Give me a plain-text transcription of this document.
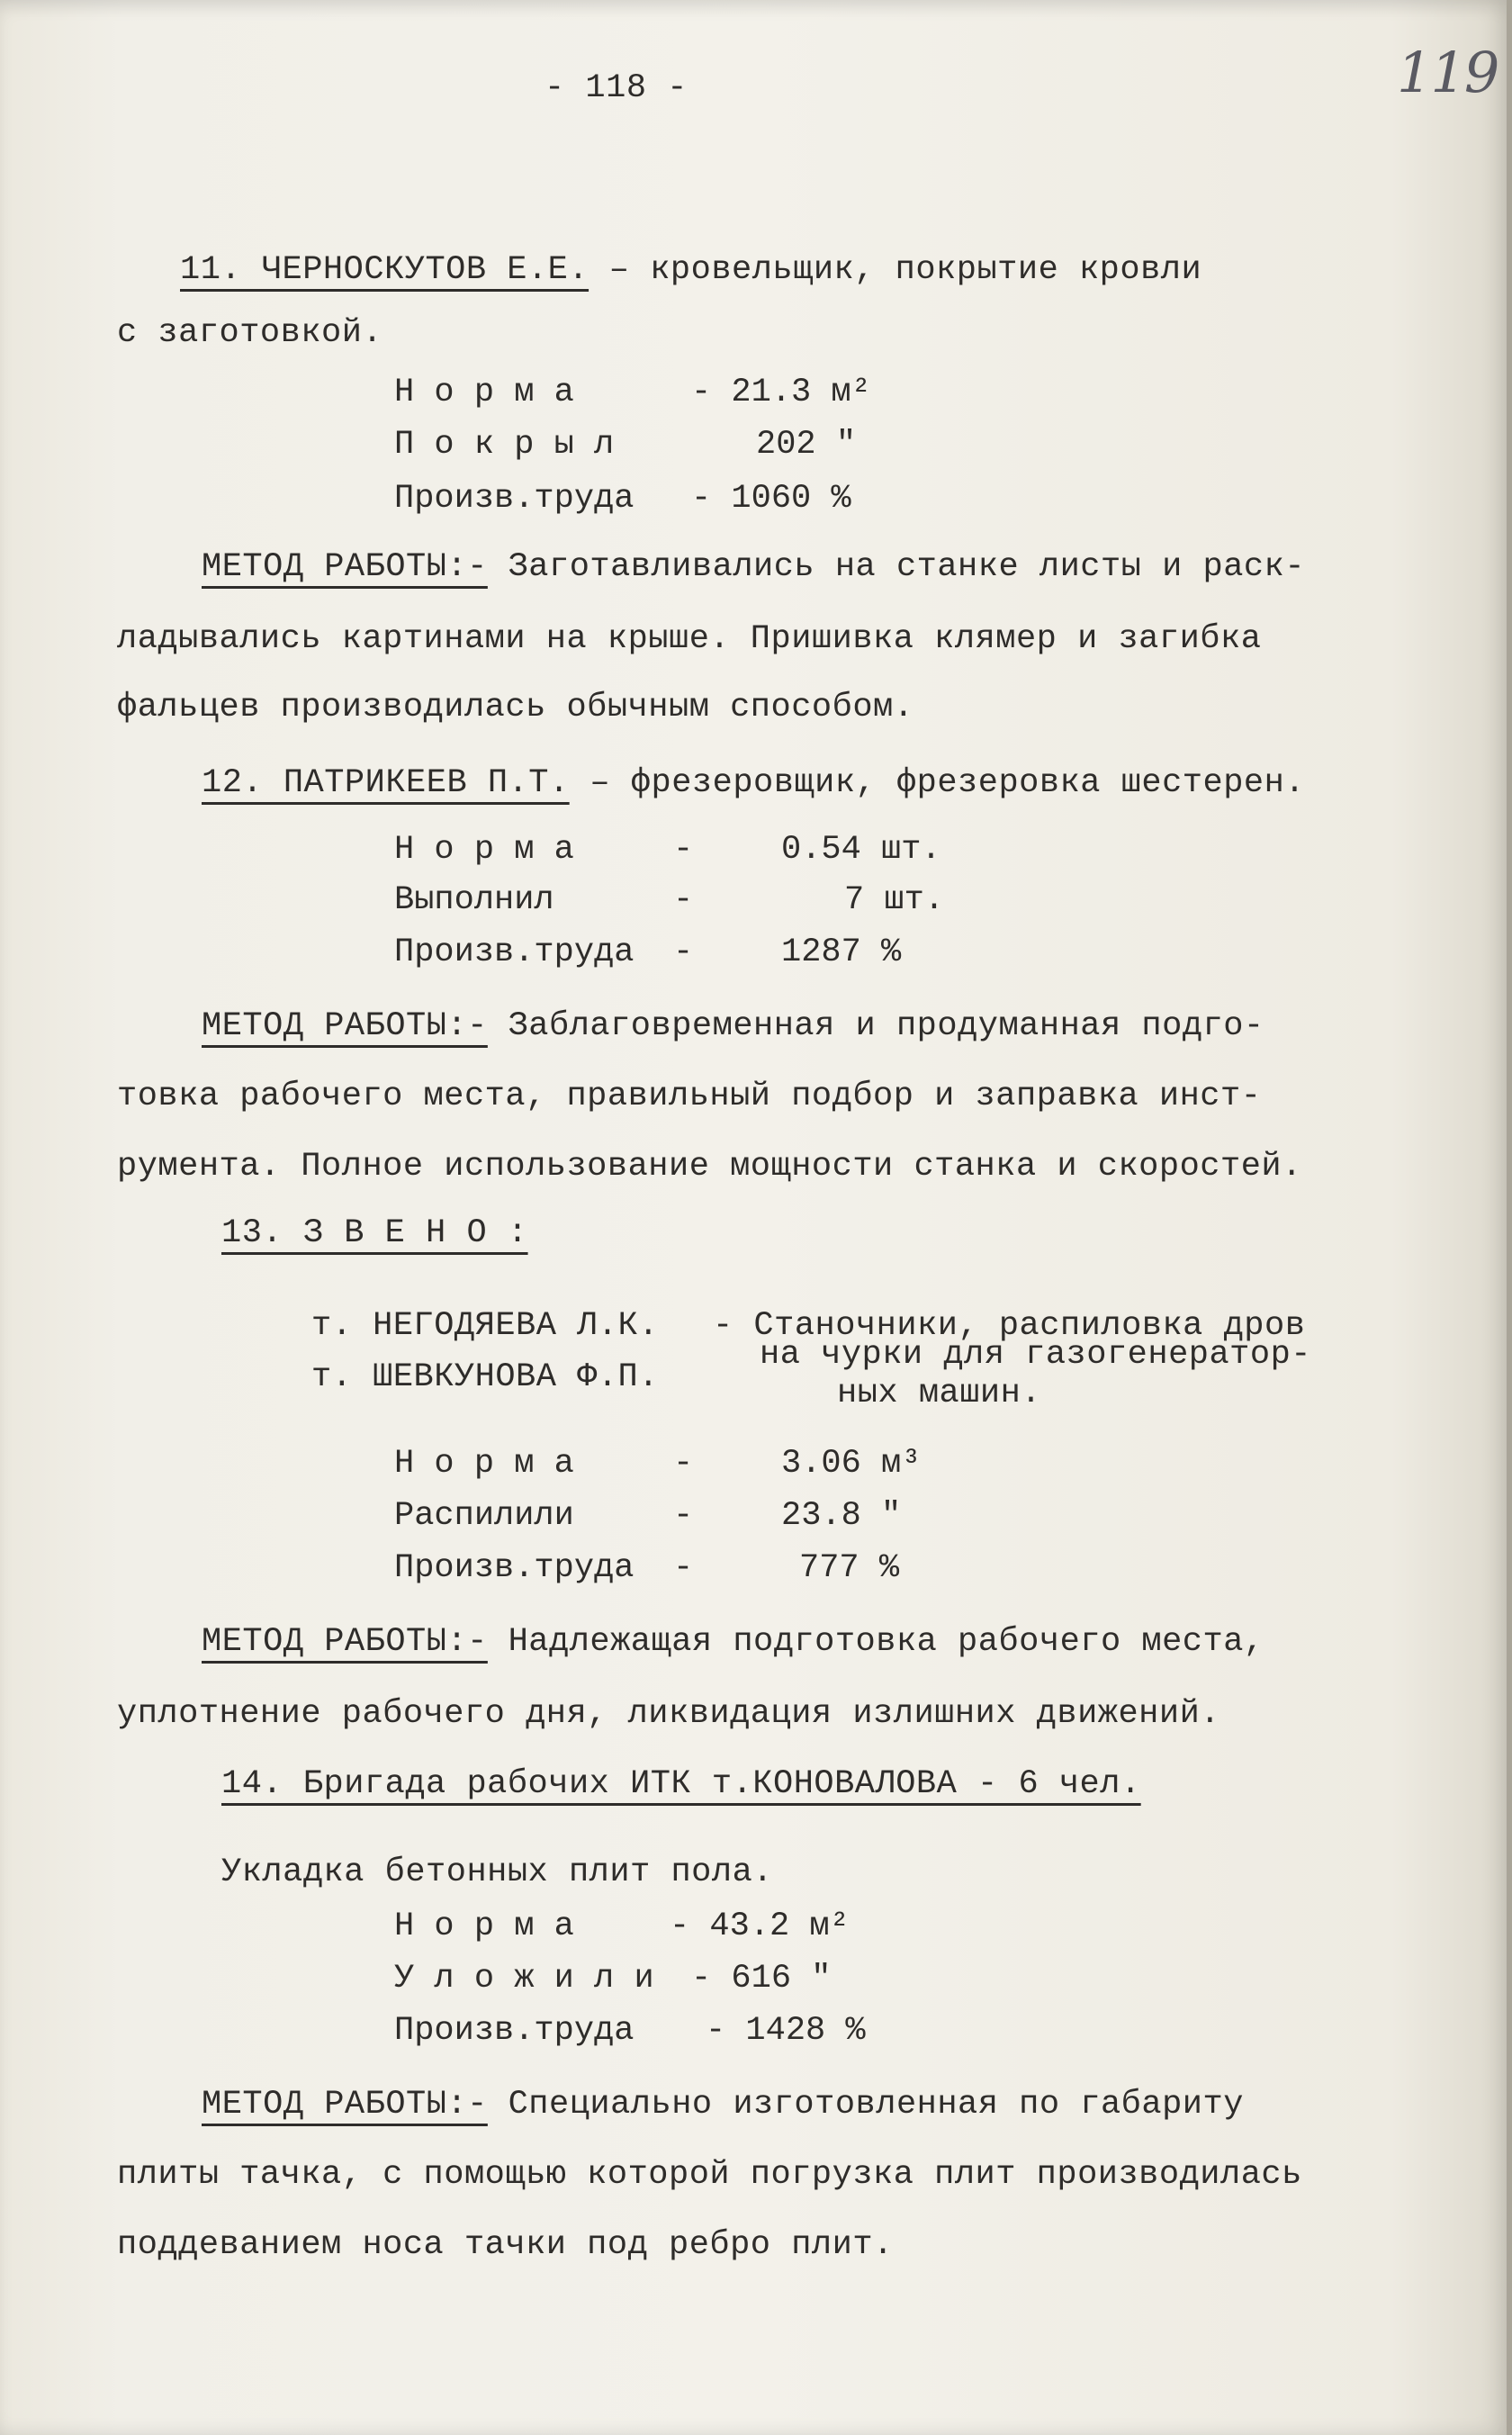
- 118 -	119
11. ЧЕРНОСКУТОВ Е.Е. – кровельщик, покрытие кровли
с заготовкой.
Н о р м а	- 21.3 м²
П о к р ы л	202 "
Произв.труда - 1060 %
МЕТОД РАБОТЫ:- Заготавливались на станке листы и раск-
ладывались картинами на крыше. Пришивка клямер и загибка
фальцев производилась обычным способом.
12. ПАТРИКЕЕВ П.Т. – фрезеровщик, фрезеровка шестерен.
Н о р м а	-	0.54 шт.
Выполнил	-	7 шт.
Произв.труда -	1287 %
МЕТОД РАБОТЫ:- Заблаговременная и продуманная подго-
товка рабочего места, правильный подбор и заправка инст-
румента. Полное использование мощности станка и скоростей.
13. З В Е Н О :
т. НЕГОДЯЕВА Л.К.
т. ШЕВКУНОВА Ф.П.
- Станочники, распиловка дров
на чурки для газогенератор-
ных машин.
Н о р м а	-	3.06 м³
Распилили	-	23.8 "
Произв.труда -	777 %
МЕТОД РАБОТЫ:- Надлежащая подготовка рабочего места,
уплотнение рабочего дня, ликвидация излишних движений.
14. Бригада рабочих ИТК т.КОНОВАЛОВА - 6 чел.
Укладка бетонных плит пола.
Н о р м а	- 43.2 м²
У л о ж и л и - 616 "
Произв.труда - 1428 %
МЕТОД РАБОТЫ:- Специально изготовленная по габариту
плиты тачка, с помощью которой погрузка плит производилась
поддеванием носа тачки под ребро плит.
